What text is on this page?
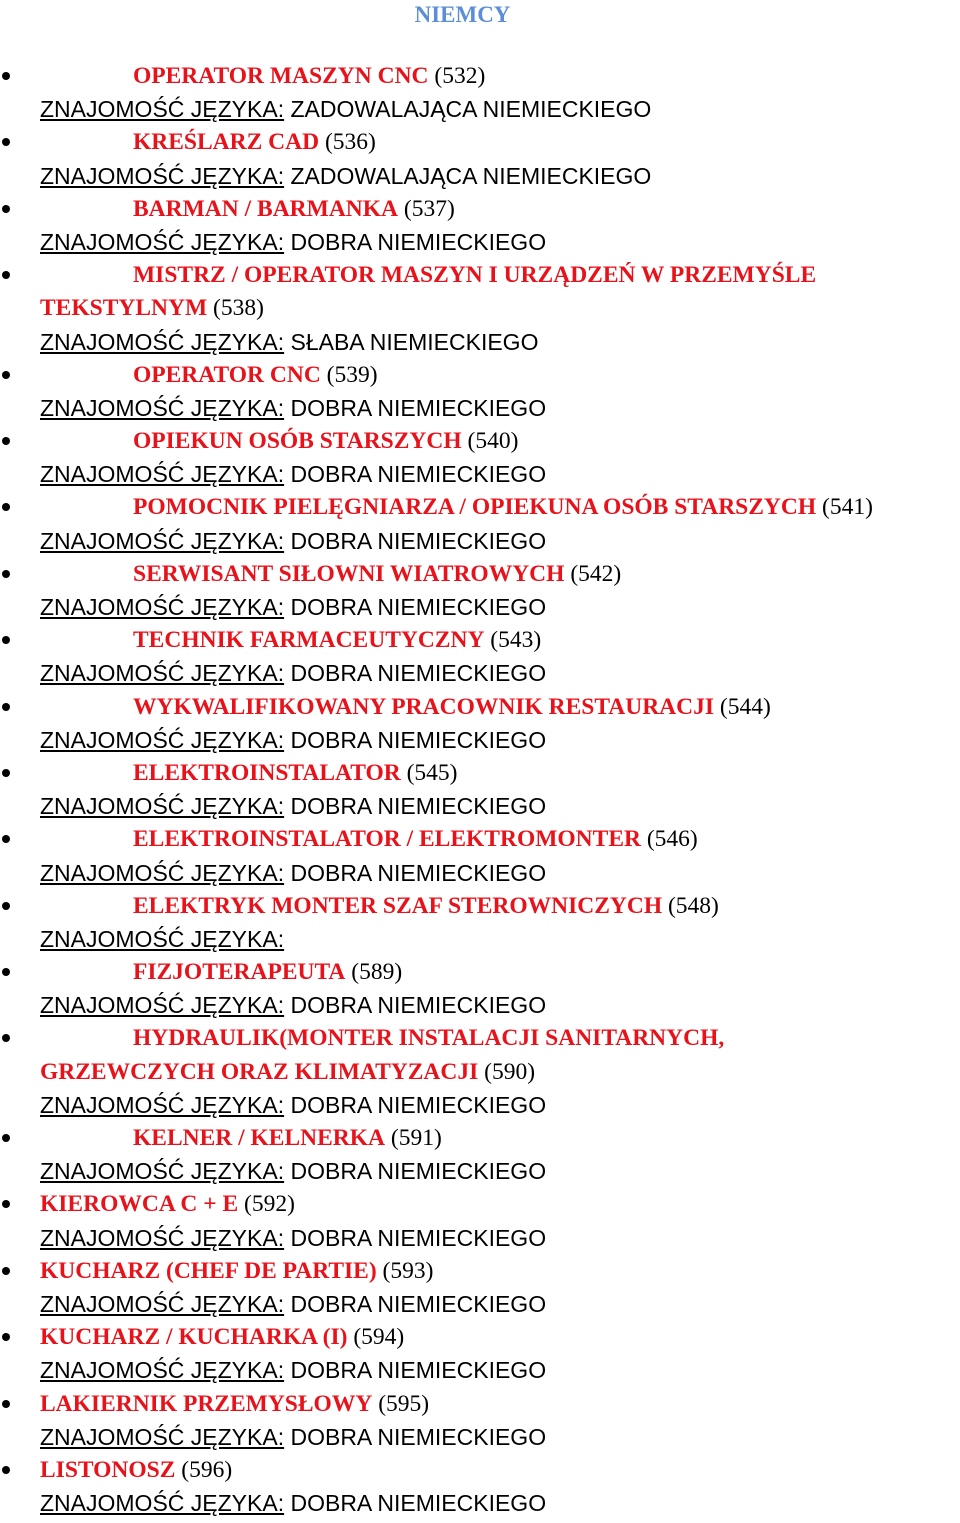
NIEMCY
OPERATOR MASZYN CNC (532)
ZNAJOMOŚĆ JĘZYKA: ZADOWALAJĄCA NIEMIECKIEGO
KREŚLARZ CAD (536)
ZNAJOMOŚĆ JĘZYKA: ZADOWALAJĄCA NIEMIECKIEGO
BARMAN / BARMANKA (537)
ZNAJOMOŚĆ JĘZYKA: DOBRA NIEMIECKIEGO
MISTRZ / OPERATOR MASZYN I URZĄDZEŃ W PRZEMYŚLE
TEKSTYLNYM (538)
ZNAJOMOŚĆ JĘZYKA: SŁABA NIEMIECKIEGO
OPERATOR CNC (539)
ZNAJOMOŚĆ JĘZYKA: DOBRA NIEMIECKIEGO
OPIEKUN OSÓB STARSZYCH (540)
ZNAJOMOŚĆ JĘZYKA: DOBRA NIEMIECKIEGO
POMOCNIK PIELĘGNIARZA / OPIEKUNA OSÓB STARSZYCH (541)
ZNAJOMOŚĆ JĘZYKA: DOBRA NIEMIECKIEGO
SERWISANT SIŁOWNI WIATROWYCH (542)
ZNAJOMOŚĆ JĘZYKA: DOBRA NIEMIECKIEGO
TECHNIK FARMACEUTYCZNY (543)
ZNAJOMOŚĆ JĘZYKA: DOBRA NIEMIECKIEGO
WYKWALIFIKOWANY PRACOWNIK RESTAURACJI (544)
ZNAJOMOŚĆ JĘZYKA: DOBRA NIEMIECKIEGO
ELEKTROINSTALATOR (545)
ZNAJOMOŚĆ JĘZYKA: DOBRA NIEMIECKIEGO
ELEKTROINSTALATOR / ELEKTROMONTER (546)
ZNAJOMOŚĆ JĘZYKA: DOBRA NIEMIECKIEGO
ELEKTRYK MONTER SZAF STEROWNICZYCH (548)
ZNAJOMOŚĆ JĘZYKA:
FIZJOTERAPEUTA (589)
ZNAJOMOŚĆ JĘZYKA: DOBRA NIEMIECKIEGO
HYDRAULIK(MONTER INSTALACJI SANITARNYCH,
GRZEWCZYCH ORAZ KLIMATYZACJI (590)
ZNAJOMOŚĆ JĘZYKA: DOBRA NIEMIECKIEGO
KELNER / KELNERKA (591)
ZNAJOMOŚĆ JĘZYKA: DOBRA NIEMIECKIEGO
KIEROWCA C + E (592)
ZNAJOMOŚĆ JĘZYKA: DOBRA NIEMIECKIEGO
KUCHARZ (CHEF DE PARTIE) (593)
ZNAJOMOŚĆ JĘZYKA: DOBRA NIEMIECKIEGO
KUCHARZ / KUCHARKA (I) (594)
ZNAJOMOŚĆ JĘZYKA: DOBRA NIEMIECKIEGO
LAKIERNIK PRZEMYSŁOWY (595)
ZNAJOMOŚĆ JĘZYKA: DOBRA NIEMIECKIEGO
LISTONOSZ (596)
ZNAJOMOŚĆ JĘZYKA: DOBRA NIEMIECKIEGO
